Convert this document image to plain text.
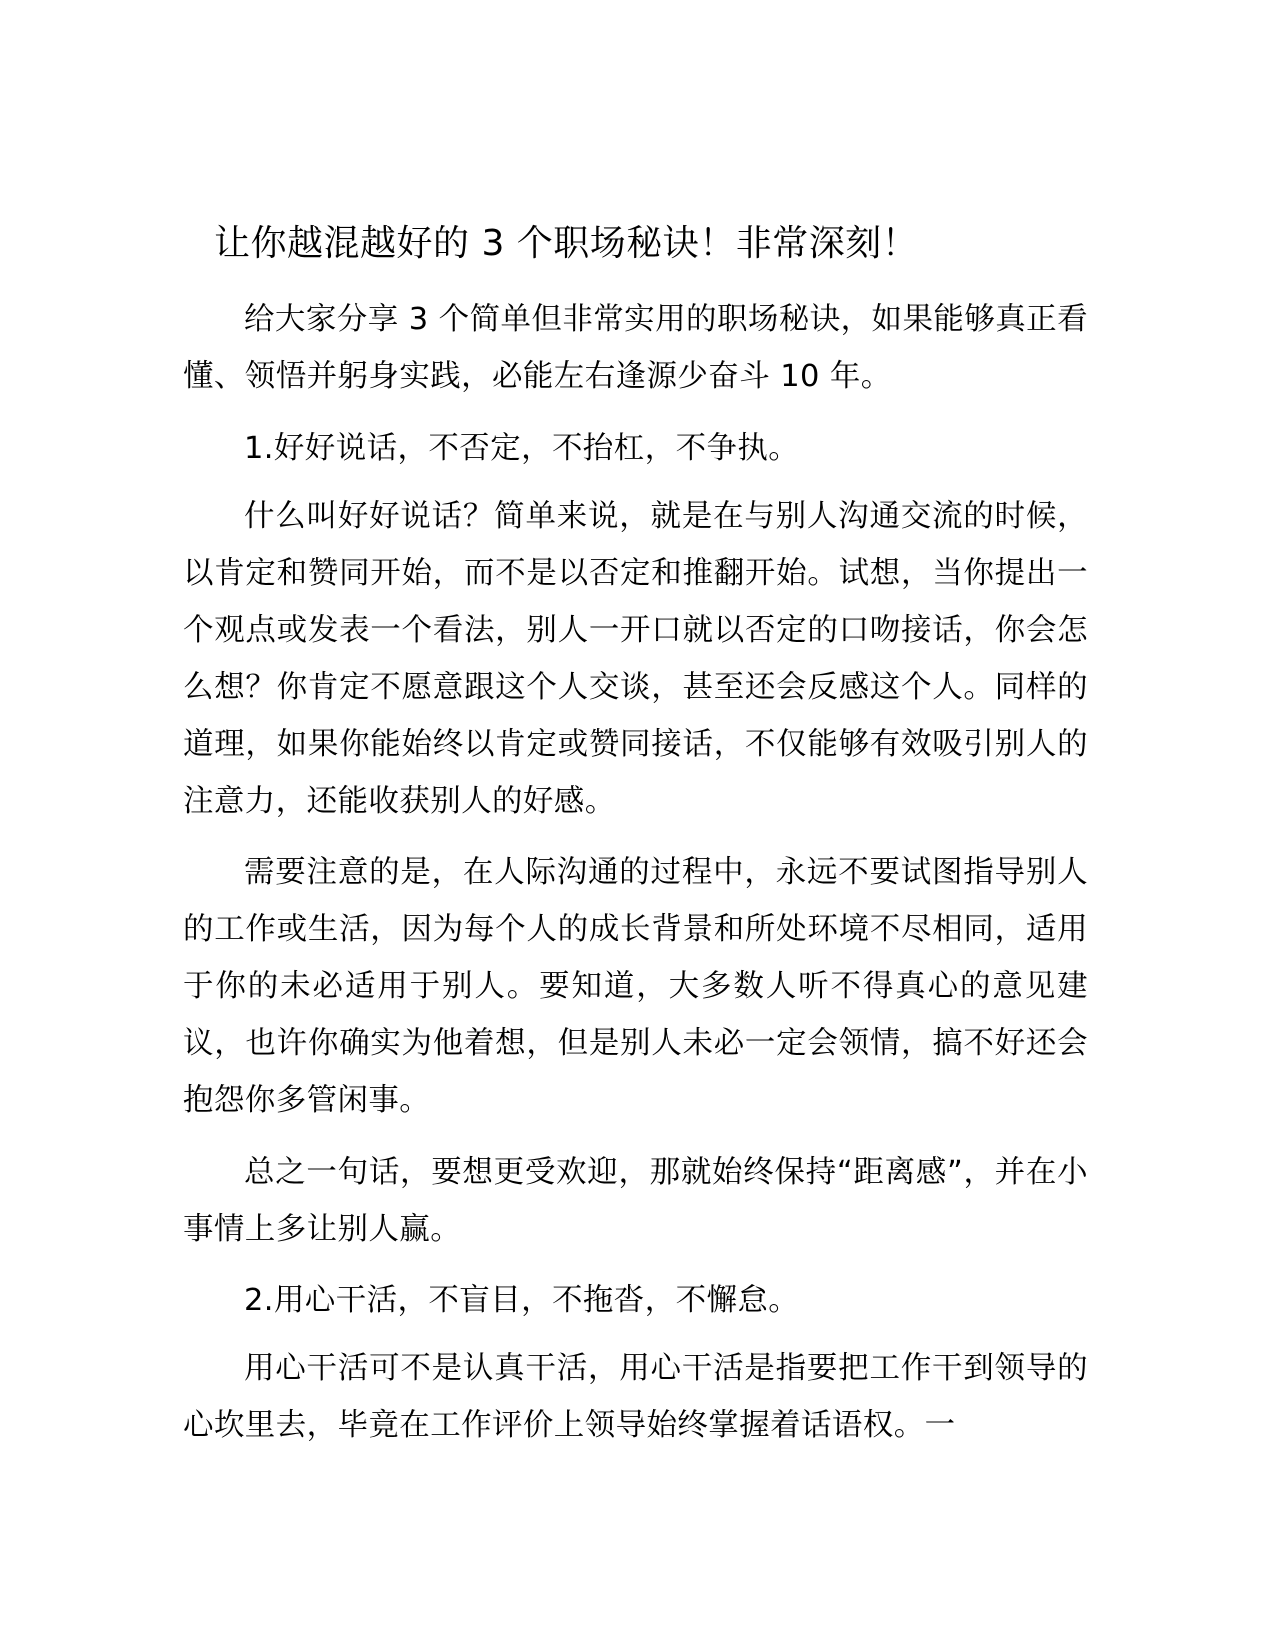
让你越混越好的 3 个职场秘诀！非常深刻！

给大家分享 3 个简单但非常实用的职场秘诀，如果能够真正看懂、领悟并躬身实践，必能左右逢源少奋斗 10 年。

1.好好说话，不否定，不抬杠，不争执。

什么叫好好说话？简单来说，就是在与别人沟通交流的时候，以肯定和赞同开始，而不是以否定和推翻开始。试想，当你提出一个观点或发表一个看法，别人一开口就以否定的口吻接话，你会怎么想？你肯定不愿意跟这个人交谈，甚至还会反感这个人。同样的道理，如果你能始终以肯定或赞同接话，不仅能够有效吸引别人的注意力，还能收获别人的好感。

需要注意的是，在人际沟通的过程中，永远不要试图指导别人的工作或生活，因为每个人的成长背景和所处环境不尽相同，适用于你的未必适用于别人。要知道，大多数人听不得真心的意见建议，也许你确实为他着想，但是别人未必一定会领情，搞不好还会抱怨你多管闲事。

总之一句话，要想更受欢迎，那就始终保持“距离感”，并在小事情上多让别人赢。

2.用心干活，不盲目，不拖沓，不懈怠。

用心干活可不是认真干活，用心干活是指要把工作干到领导的心坎里去，毕竟在工作评价上领导始终掌握着话语权。一
